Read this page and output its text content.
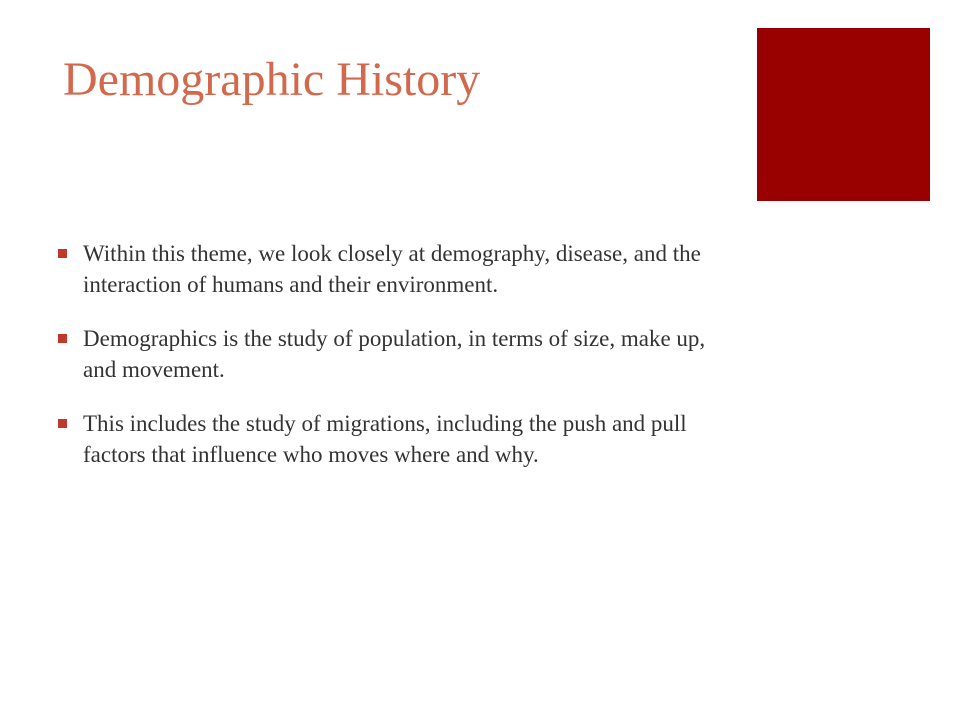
Demographic History
Within this theme, we look closely at demography, disease, and the interaction of humans and their environment.
Demographics is the study of population, in terms of size, make up, and movement.
This includes the study of migrations, including the push and pull factors that influence who moves where and why.
